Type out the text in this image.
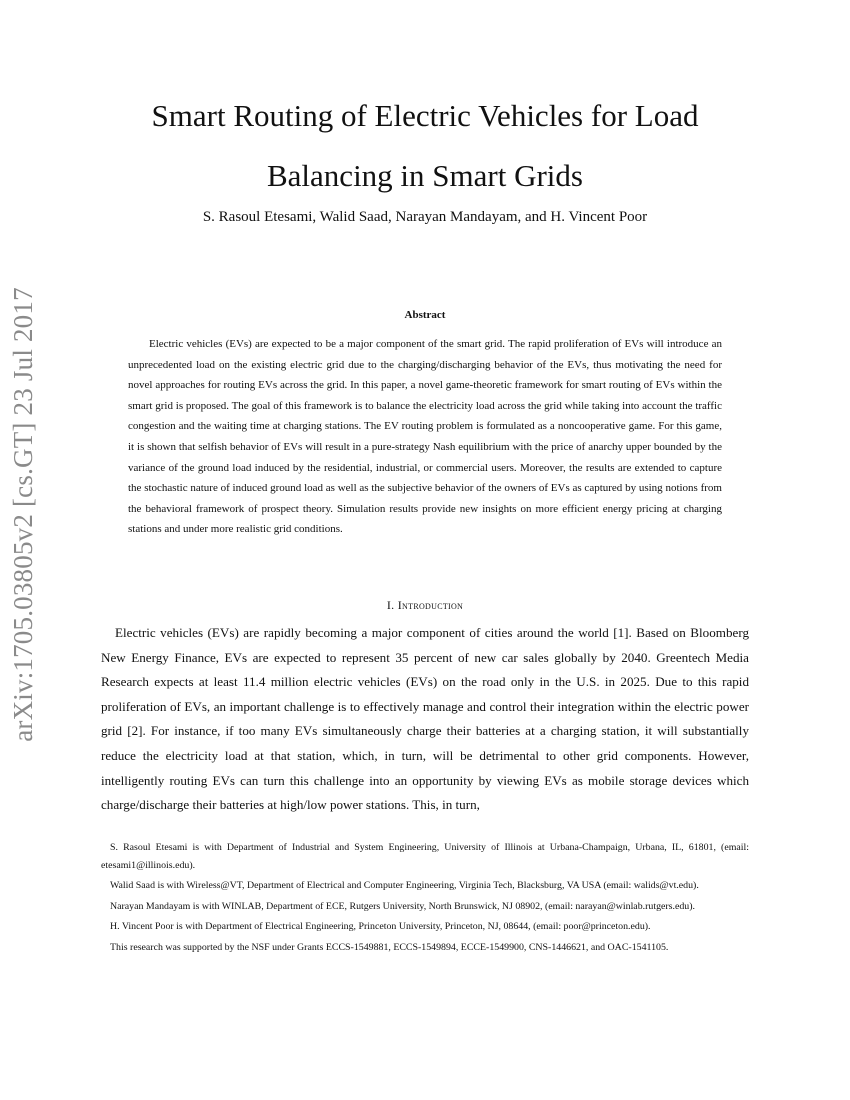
arXiv:1705.03805v2 [cs.GT] 23 Jul 2017
Smart Routing of Electric Vehicles for Load Balancing in Smart Grids

S. Rasoul Etesami, Walid Saad, Narayan Mandayam, and H. Vincent Poor

Abstract

Electric vehicles (EVs) are expected to be a major component of the smart grid. The rapid proliferation of EVs will introduce an unprecedented load on the existing electric grid due to the charging/discharging behavior of the EVs, thus motivating the need for novel approaches for routing EVs across the grid. In this paper, a novel game-theoretic framework for smart routing of EVs within the smart grid is proposed. The goal of this framework is to balance the electricity load across the grid while taking into account the traffic congestion and the waiting time at charging stations. The EV routing problem is formulated as a noncooperative game. For this game, it is shown that selfish behavior of EVs will result in a pure-strategy Nash equilibrium with the price of anarchy upper bounded by the variance of the ground load induced by the residential, industrial, or commercial users. Moreover, the results are extended to capture the stochastic nature of induced ground load as well as the subjective behavior of the owners of EVs as captured by using notions from the behavioral framework of prospect theory. Simulation results provide new insights on more efficient energy pricing at charging stations and under more realistic grid conditions.

I. Introduction

Electric vehicles (EVs) are rapidly becoming a major component of cities around the world [1]. Based on Bloomberg New Energy Finance, EVs are expected to represent 35 percent of new car sales globally by 2040. Greentech Media Research expects at least 11.4 million electric vehicles (EVs) on the road only in the U.S. in 2025. Due to this rapid proliferation of EVs, an important challenge is to effectively manage and control their integration within the electric power grid [2]. For instance, if too many EVs simultaneously charge their batteries at a charging station, it will substantially reduce the electricity load at that station, which, in turn, will be detrimental to other grid components. However, intelligently routing EVs can turn this challenge into an opportunity by viewing EVs as mobile storage devices which charge/discharge their batteries at high/low power stations. This, in turn,

S. Rasoul Etesami is with Department of Industrial and System Engineering, University of Illinois at Urbana-Champaign, Urbana, IL, 61801, (email: etesami1@illinois.edu).

Walid Saad is with Wireless@VT, Department of Electrical and Computer Engineering, Virginia Tech, Blacksburg, VA USA (email: walids@vt.edu).

Narayan Mandayam is with WINLAB, Department of ECE, Rutgers University, North Brunswick, NJ 08902, (email: narayan@winlab.rutgers.edu).

H. Vincent Poor is with Department of Electrical Engineering, Princeton University, Princeton, NJ, 08644, (email: poor@princeton.edu).

This research was supported by the NSF under Grants ECCS-1549881, ECCS-1549894, ECCE-1549900, CNS-1446621, and OAC-1541105.
